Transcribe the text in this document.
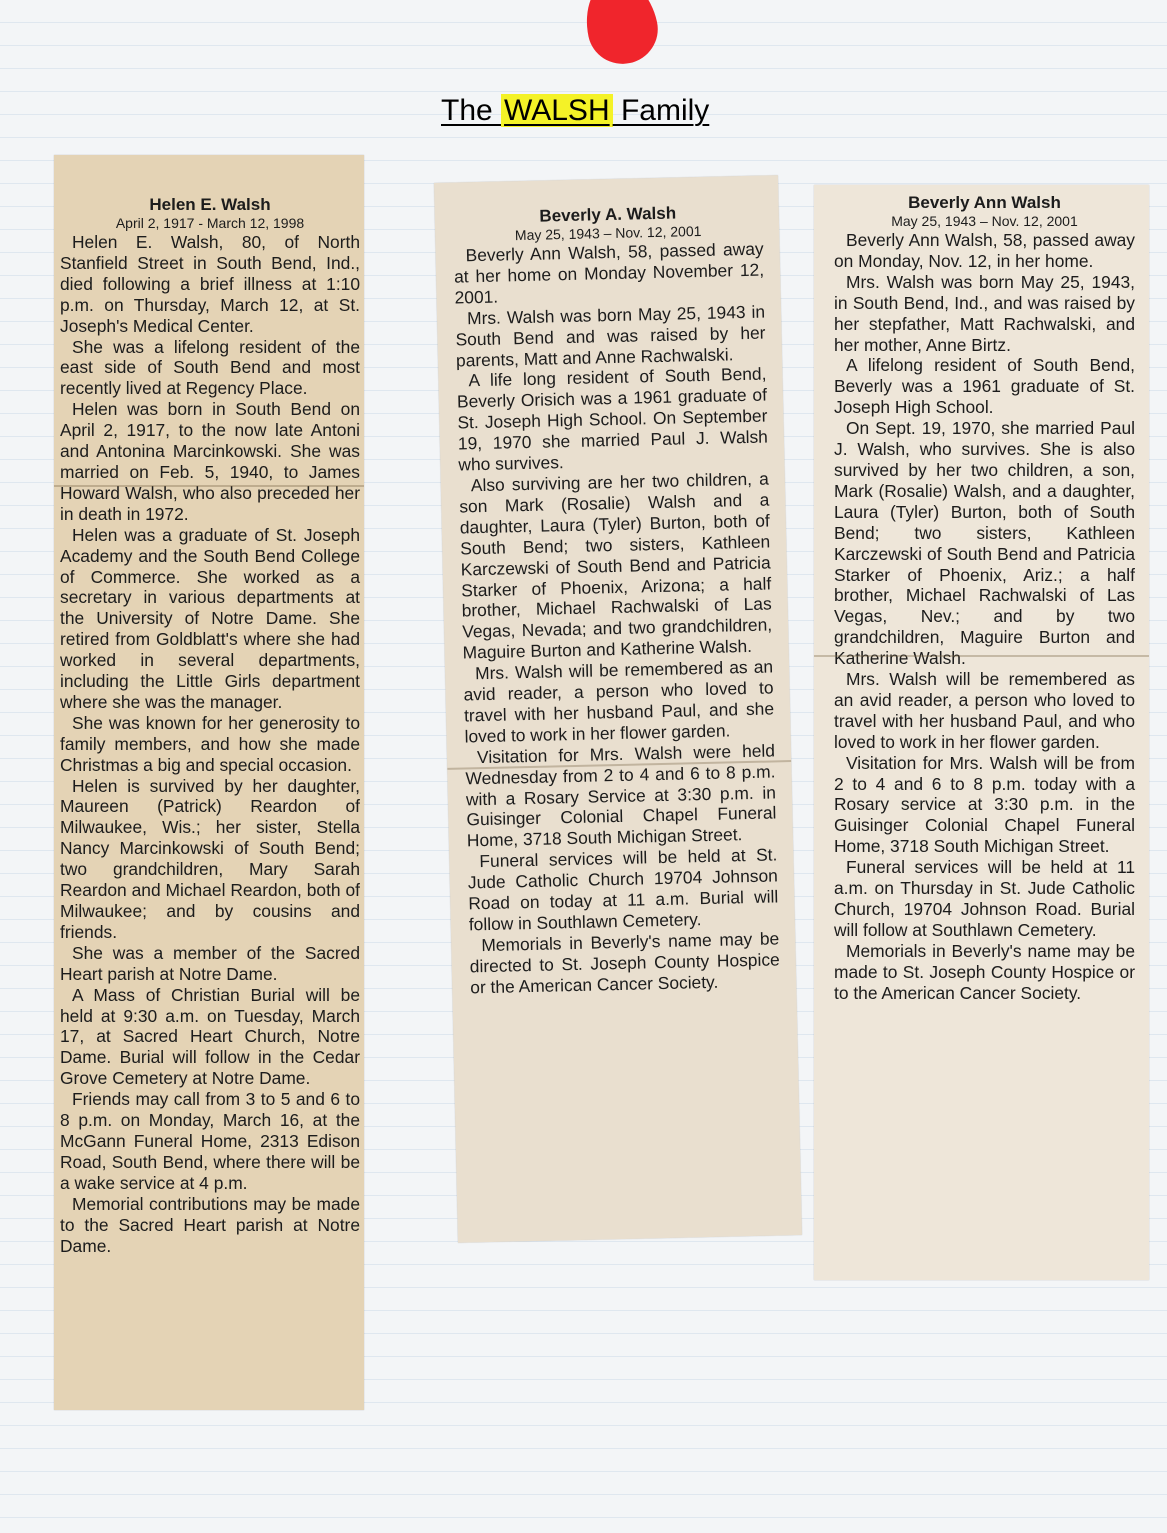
The WALSH Family
Helen E. Walsh
April 2, 1917 - March 12, 1998

Helen E. Walsh, 80, of North Stanfield Street in South Bend, Ind., died following a brief illness at 1:10 p.m. on Thursday, March 12, at St. Joseph's Medical Center.

She was a lifelong resident of the east side of South Bend and most recently lived at Regency Place.

Helen was born in South Bend on April 2, 1917, to the now late Antoni and Antonina Marcinkowski. She was married on Feb. 5, 1940, to James Howard Walsh, who also preceded her in death in 1972.

Helen was a graduate of St. Joseph Academy and the South Bend College of Commerce. She worked as a secretary in various departments at the University of Notre Dame. She retired from Goldblatt's where she had worked in several departments, including the Little Girls department where she was the manager.

She was known for her generosity to family members, and how she made Christmas a big and special occasion.

Helen is survived by her daughter, Maureen (Patrick) Reardon of Milwaukee, Wis.; her sister, Stella Nancy Marcinkowski of South Bend; two grandchildren, Mary Sarah Reardon and Michael Reardon, both of Milwaukee; and by cousins and friends.

She was a member of the Sacred Heart parish at Notre Dame.

A Mass of Christian Burial will be held at 9:30 a.m. on Tuesday, March 17, at Sacred Heart Church, Notre Dame. Burial will follow in the Cedar Grove Cemetery at Notre Dame.

Friends may call from 3 to 5 and 6 to 8 p.m. on Monday, March 16, at the McGann Funeral Home, 2313 Edison Road, South Bend, where there will be a wake service at 4 p.m.

Memorial contributions may be made to the Sacred Heart parish at Notre Dame.

Beverly A. Walsh
May 25, 1943 – Nov. 12, 2001

Beverly Ann Walsh, 58, passed away at her home on Monday November 12, 2001.

Mrs. Walsh was born May 25, 1943 in South Bend and was raised by her parents, Matt and Anne Rachwalski.

A life long resident of South Bend, Beverly Orisich was a 1961 graduate of St. Joseph High School. On September 19, 1970 she married Paul J. Walsh who survives.

Also surviving are her two children, a son Mark (Rosalie) Walsh and a daughter, Laura (Tyler) Burton, both of South Bend; two sisters, Kathleen Karczewski of South Bend and Patricia Starker of Phoenix, Arizona; a half brother, Michael Rachwalski of Las Vegas, Nevada; and two grandchildren, Maguire Burton and Katherine Walsh.

Mrs. Walsh will be remembered as an avid reader, a person who loved to travel with her husband Paul, and she loved to work in her flower garden.

Visitation for Mrs. Walsh were held Wednesday from 2 to 4 and 6 to 8 p.m. with a Rosary Service at 3:30 p.m. in Guisinger Colonial Chapel Funeral Home, 3718 South Michigan Street.

Funeral services will be held at St. Jude Catholic Church 19704 Johnson Road on today at 11 a.m. Burial will follow in Southlawn Cemetery.

Memorials in Beverly's name may be directed to St. Joseph County Hospice or the American Cancer Society.

Beverly Ann Walsh
May 25, 1943 – Nov. 12, 2001

Beverly Ann Walsh, 58, passed away on Monday, Nov. 12, in her home.

Mrs. Walsh was born May 25, 1943, in South Bend, Ind., and was raised by her stepfather, Matt Rachwalski, and her mother, Anne Birtz.

A lifelong resident of South Bend, Beverly was a 1961 graduate of St. Joseph High School.

On Sept. 19, 1970, she married Paul J. Walsh, who survives. She is also survived by her two children, a son, Mark (Rosalie) Walsh, and a daughter, Laura (Tyler) Burton, both of South Bend; two sisters, Kathleen Karczewski of South Bend and Patricia Starker of Phoenix, Ariz.; a half brother, Michael Rachwalski of Las Vegas, Nev.; and by two grandchildren, Maguire Burton and Katherine Walsh.

Mrs. Walsh will be remembered as an avid reader, a person who loved to travel with her husband Paul, and who loved to work in her flower garden.

Visitation for Mrs. Walsh will be from 2 to 4 and 6 to 8 p.m. today with a Rosary service at 3:30 p.m. in the Guisinger Colonial Chapel Funeral Home, 3718 South Michigan Street.

Funeral services will be held at 11 a.m. on Thursday in St. Jude Catholic Church, 19704 Johnson Road. Burial will follow at Southlawn Cemetery.

Memorials in Beverly's name may be made to St. Joseph County Hospice or to the American Cancer Society.
